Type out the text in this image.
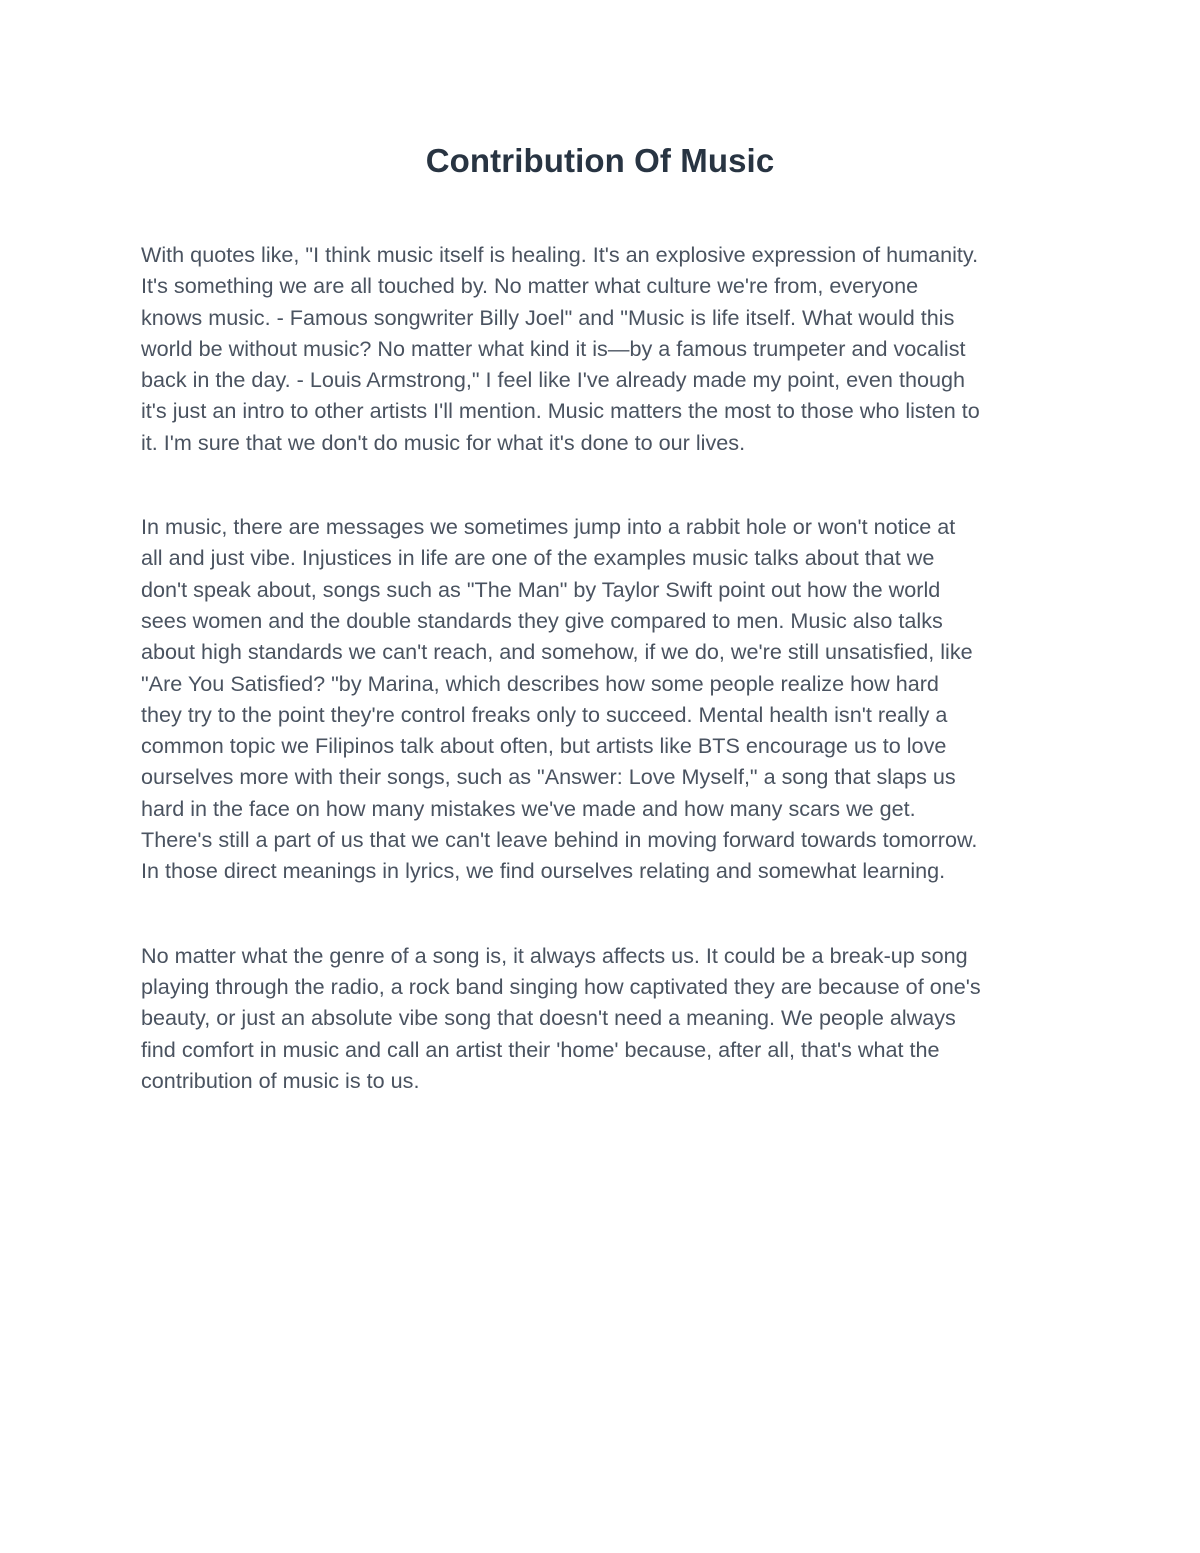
Contribution Of Music

With quotes like, "I think music itself is healing. It's an explosive expression of humanity.
It's something we are all touched by. No matter what culture we're from, everyone
knows music. - Famous songwriter Billy Joel" and "Music is life itself. What would this
world be without music? No matter what kind it is—by a famous trumpeter and vocalist
back in the day. - Louis Armstrong," I feel like I've already made my point, even though
it's just an intro to other artists I'll mention. Music matters the most to those who listen to
it. I'm sure that we don't do music for what it's done to our lives.

In music, there are messages we sometimes jump into a rabbit hole or won't notice at
all and just vibe. Injustices in life are one of the examples music talks about that we
don't speak about, songs such as "The Man" by Taylor Swift point out how the world
sees women and the double standards they give compared to men. Music also talks
about high standards we can't reach, and somehow, if we do, we're still unsatisfied, like
"Are You Satisfied? "by Marina, which describes how some people realize how hard
they try to the point they're control freaks only to succeed. Mental health isn't really a
common topic we Filipinos talk about often, but artists like BTS encourage us to love
ourselves more with their songs, such as "Answer: Love Myself," a song that slaps us
hard in the face on how many mistakes we've made and how many scars we get.
There's still a part of us that we can't leave behind in moving forward towards tomorrow.
In those direct meanings in lyrics, we find ourselves relating and somewhat learning.

No matter what the genre of a song is, it always affects us. It could be a break-up song
playing through the radio, a rock band singing how captivated they are because of one's
beauty, or just an absolute vibe song that doesn't need a meaning. We people always
find comfort in music and call an artist their 'home' because, after all, that's what the
contribution of music is to us.
